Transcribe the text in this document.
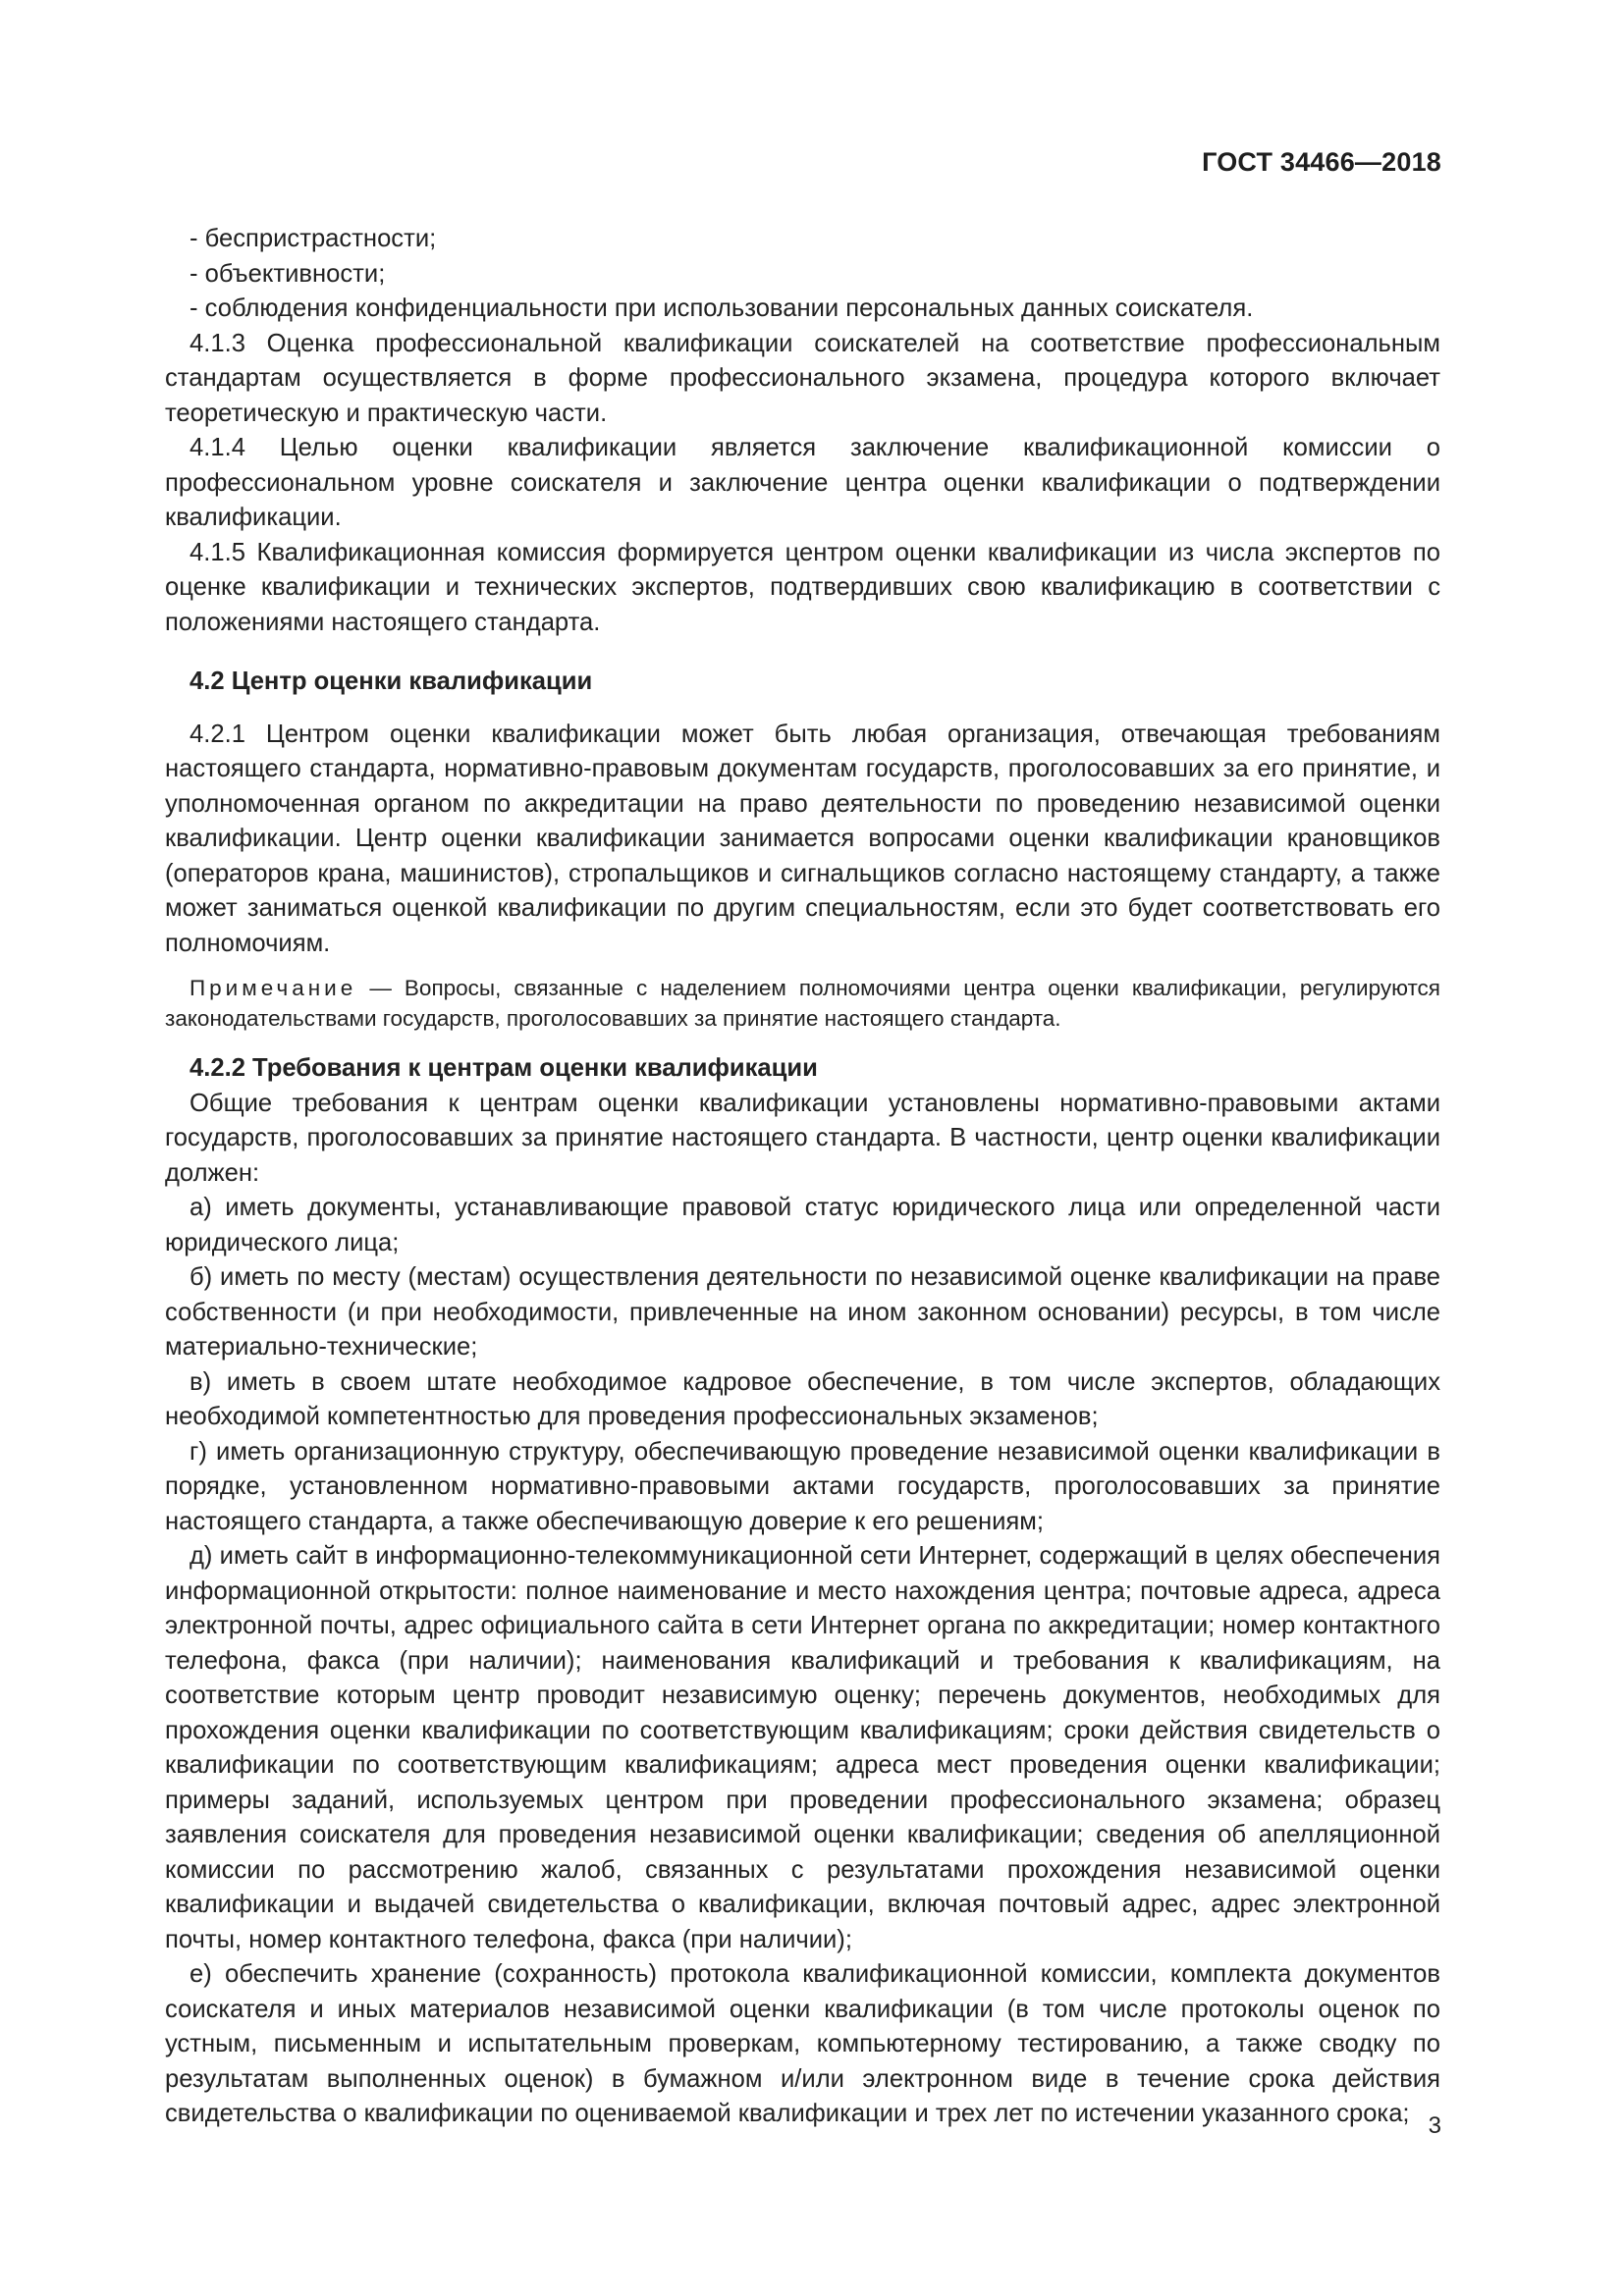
ГОСТ 34466—2018

- беспристрастности;

- объективности;

- соблюдения конфиденциальности при использовании персональных данных соискателя.

4.1.3 Оценка профессиональной квалификации соискателей на соответствие профессиональным стандартам осуществляется в форме профессионального экзамена, процедура которого включает теоретическую и практическую части.

4.1.4 Целью оценки квалификации является заключение квалификационной комиссии о профессиональном уровне соискателя и заключение центра оценки квалификации о подтверждении квалификации.

4.1.5 Квалификационная комиссия формируется центром оценки квалификации из числа экспертов по оценке квалификации и технических экспертов, подтвердивших свою квалификацию в соответствии с положениями настоящего стандарта.

4.2 Центр оценки квалификации

4.2.1 Центром оценки квалификации может быть любая организация, отвечающая требованиям настоящего стандарта, нормативно-правовым документам государств, проголосовавших за его принятие, и уполномоченная органом по аккредитации на право деятельности по проведению независимой оценки квалификации. Центр оценки квалификации занимается вопросами оценки квалификации крановщиков (операторов крана, машинистов), стропальщиков и сигнальщиков согласно настоящему стандарту, а также может заниматься оценкой квалификации по другим специальностям, если это будет соответствовать его полномочиям.

Примечание — Вопросы, связанные с наделением полномочиями центра оценки квалификации, регулируются законодательствами государств, проголосовавших за принятие настоящего стандарта.

4.2.2 Требования к центрам оценки квалификации

Общие требования к центрам оценки квалификации установлены нормативно-правовыми актами государств, проголосовавших за принятие настоящего стандарта. В частности, центр оценки квалификации должен:

а) иметь документы, устанавливающие правовой статус юридического лица или определенной части юридического лица;

б) иметь по месту (местам) осуществления деятельности по независимой оценке квалификации на праве собственности (и при необходимости, привлеченные на ином законном основании) ресурсы, в том числе материально-технические;

в) иметь в своем штате необходимое кадровое обеспечение, в том числе экспертов, обладающих необходимой компетентностью для проведения профессиональных экзаменов;

г) иметь организационную структуру, обеспечивающую проведение независимой оценки квалификации в порядке, установленном нормативно-правовыми актами государств, проголосовавших за принятие настоящего стандарта, а также обеспечивающую доверие к его решениям;

д) иметь сайт в информационно-телекоммуникационной сети Интернет, содержащий в целях обеспечения информационной открытости: полное наименование и место нахождения центра; почтовые адреса, адреса электронной почты, адрес официального сайта в сети Интернет органа по аккредитации; номер контактного телефона, факса (при наличии); наименования квалификаций и требования к квалификациям, на соответствие которым центр проводит независимую оценку; перечень документов, необходимых для прохождения оценки квалификации по соответствующим квалификациям; сроки действия свидетельств о квалификации по соответствующим квалификациям; адреса мест проведения оценки квалификации; примеры заданий, используемых центром при проведении профессионального экзамена; образец заявления соискателя для проведения независимой оценки квалификации; сведения об апелляционной комиссии по рассмотрению жалоб, связанных с результатами прохождения независимой оценки квалификации и выдачей свидетельства о квалификации, включая почтовый адрес, адрес электронной почты, номер контактного телефона, факса (при наличии);

е) обеспечить хранение (сохранность) протокола квалификационной комиссии, комплекта документов соискателя и иных материалов независимой оценки квалификации (в том числе протоколы оценок по устным, письменным и испытательным проверкам, компьютерному тестированию, а также сводку по результатам выполненных оценок) в бумажном и/или электронном виде в течение срока действия свидетельства о квалификации по оцениваемой квалификации и трех лет по истечении указанного срока; 3
